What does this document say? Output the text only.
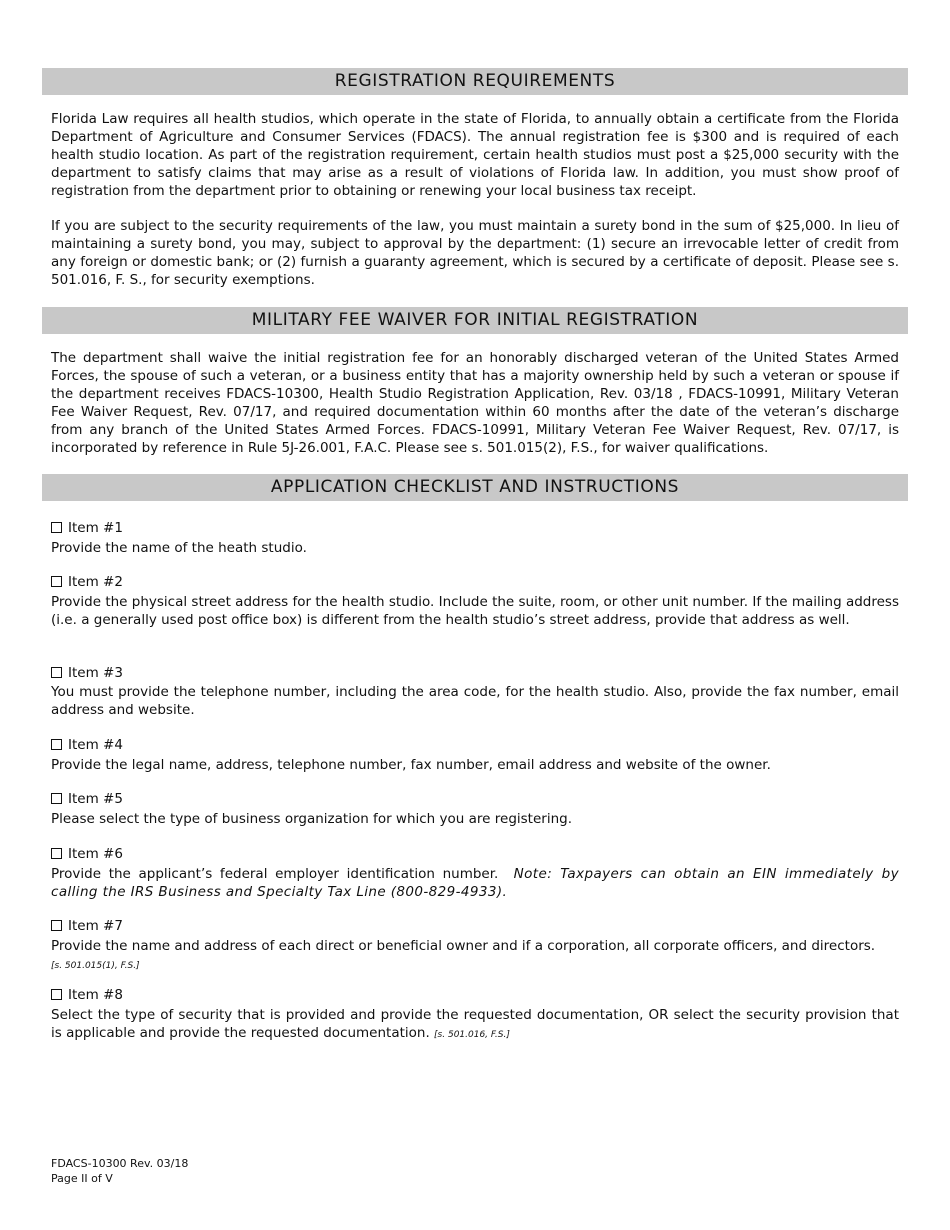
REGISTRATION REQUIREMENTS

Florida Law requires all health studios, which operate in the state of Florida, to annually obtain a certificate from the Florida Department of Agriculture and Consumer Services (FDACS). The annual registration fee is $300 and is required of each health studio location. As part of the registration requirement, certain health studios must post a $25,000 security with the department to satisfy claims that may arise as a result of violations of Florida law. In addition, you must show proof of registration from the department prior to obtaining or renewing your local business tax receipt.

If you are subject to the security requirements of the law, you must maintain a surety bond in the sum of $25,000. In lieu of maintaining a surety bond, you may, subject to approval by the department: (1) secure an irrevocable letter of credit from any foreign or domestic bank; or (2) furnish a guaranty agreement, which is secured by a certificate of deposit. Please see s. 501.016, F. S., for security exemptions.

MILITARY FEE WAIVER FOR INITIAL REGISTRATION

The department shall waive the initial registration fee for an honorably discharged veteran of the United States Armed Forces, the spouse of such a veteran, or a business entity that has a majority ownership held by such a veteran or spouse if the department receives FDACS-10300, Health Studio Registration Application, Rev. 03/18 , FDACS-10991, Military Veteran Fee Waiver Request, Rev. 07/17, and required documentation within 60 months after the date of the veteran’s discharge from any branch of the United States Armed Forces. FDACS-10991, Military Veteran Fee Waiver Request, Rev. 07/17, is incorporated by reference in Rule 5J-26.001, F.A.C. Please see s. 501.015(2), F.S., for waiver qualifications.

APPLICATION CHECKLIST AND INSTRUCTIONS
Item #1

Provide the name of the heath studio.

Item #2

Provide the physical street address for the health studio. Include the suite, room, or other unit number. If the mailing address (i.e. a generally used post office box) is different from the health studio’s street address, provide that address as well.

Item #3

You must provide the telephone number, including the area code, for the health studio. Also, provide the fax number, email address and website.

Item #4

Provide the legal name, address, telephone number, fax number, email address and website of the owner.

Item #5

Please select the type of business organization for which you are registering.

Item #6

Provide the applicant’s federal employer identification number. Note: Taxpayers can obtain an EIN immediately by calling the IRS Business and Specialty Tax Line (800-829-4933).

Item #7

Provide the name and address of each direct or beneficial owner and if a corporation, all corporate officers, and directors.
[s. 501.015(1), F.S.]

Item #8

Select the type of security that is provided and provide the requested documentation, OR select the security provision that is applicable and provide the requested documentation. [s. 501.016, F.S.]

FDACS-10300 Rev. 03/18
Page II of V
